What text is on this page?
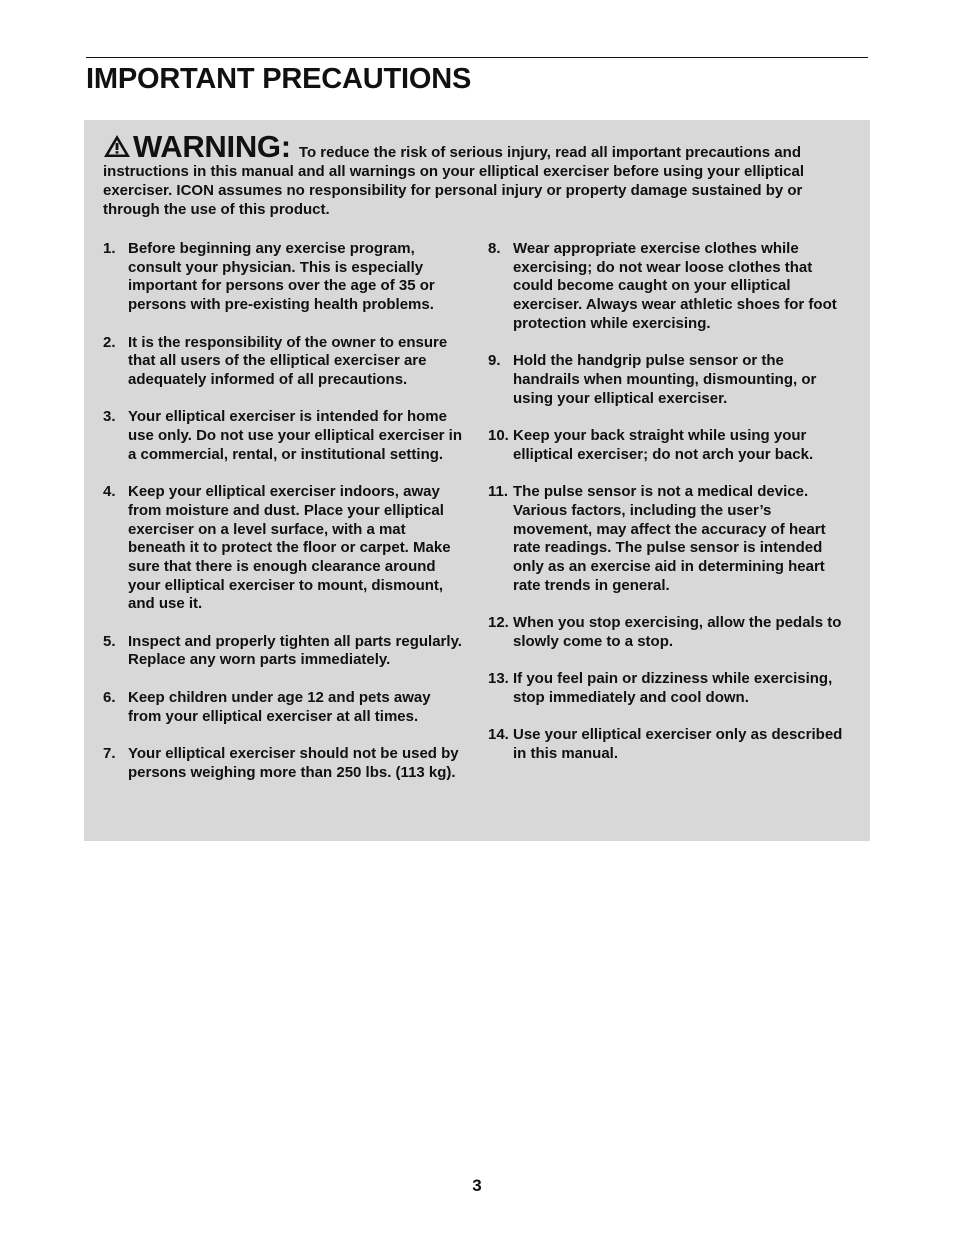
IMPORTANT PRECAUTIONS

WARNING: To reduce the risk of serious injury, read all important precautions and instructions in this manual and all warnings on your elliptical exerciser before using your elliptical exerciser. ICON assumes no responsibility for personal injury or property damage sustained by or through the use of this product.

1. Before beginning any exercise program, consult your physician. This is especially important for persons over the age of 35 or persons with pre-existing health problems.
2. It is the responsibility of the owner to ensure that all users of the elliptical exerciser are adequately informed of all precautions.
3. Your elliptical exerciser is intended for home use only. Do not use your elliptical exerciser in a commercial, rental, or institutional setting.
4. Keep your elliptical exerciser indoors, away from moisture and dust. Place your elliptical exerciser on a level surface, with a mat beneath it to protect the floor or carpet. Make sure that there is enough clearance around your elliptical exerciser to mount, dismount, and use it.
5. Inspect and properly tighten all parts regularly. Replace any worn parts immediately.
6. Keep children under age 12 and pets away from your elliptical exerciser at all times.
7. Your elliptical exerciser should not be used by persons weighing more than 250 lbs. (113 kg).
8. Wear appropriate exercise clothes while exercising; do not wear loose clothes that could become caught on your elliptical exerciser. Always wear athletic shoes for foot protection while exercising.
9. Hold the handgrip pulse sensor or the handrails when mounting, dismounting, or using your elliptical exerciser.
10. Keep your back straight while using your elliptical exerciser; do not arch your back.
11. The pulse sensor is not a medical device. Various factors, including the user’s movement, may affect the accuracy of heart rate readings. The pulse sensor is intended only as an exercise aid in determining heart rate trends in general.
12. When you stop exercising, allow the pedals to slowly come to a stop.
13. If you feel pain or dizziness while exercising, stop immediately and cool down.
14. Use your elliptical exerciser only as described in this manual.

3
